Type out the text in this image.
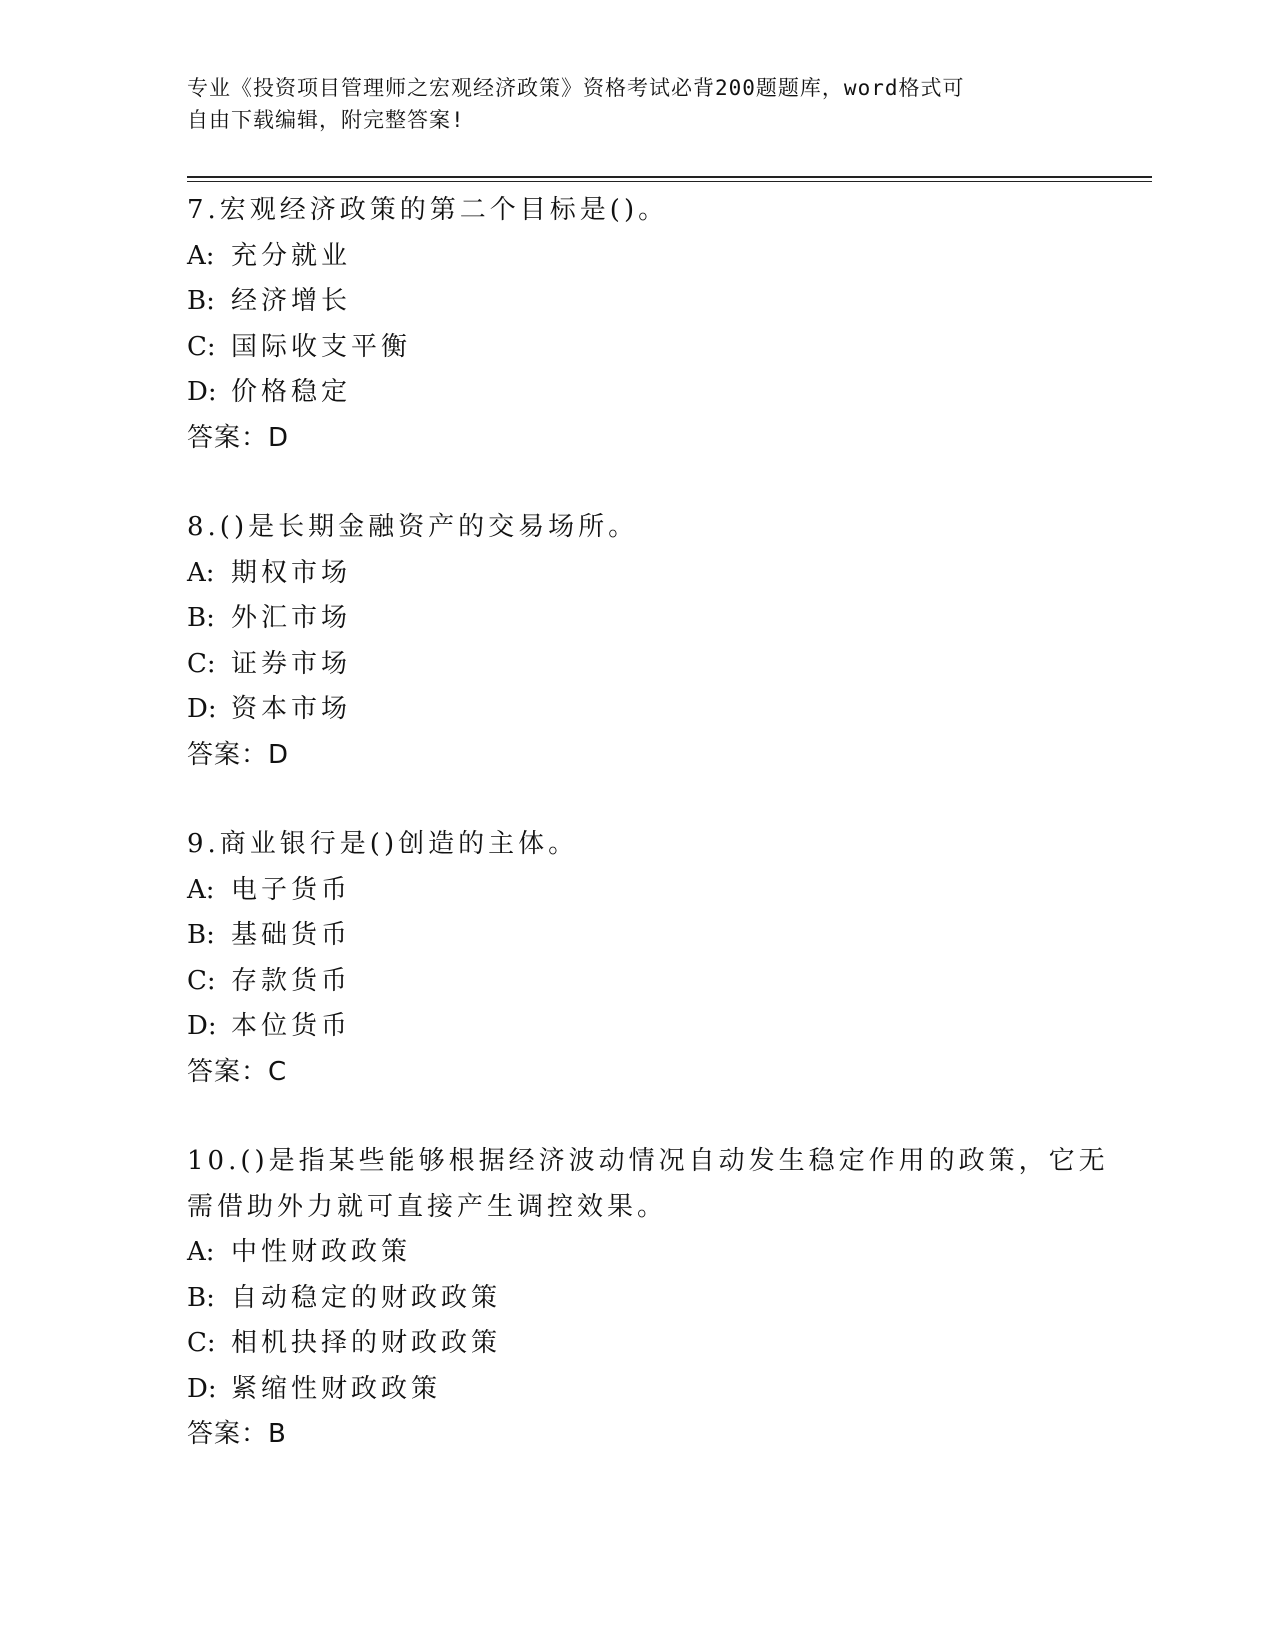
专业《投资项目管理师之宏观经济政策》资格考试必背200题题库，word格式可
自由下载编辑，附完整答案!
7.宏观经济政策的第二个目标是()。
A: 充分就业
B: 经济增长
C: 国际收支平衡
D: 价格稳定
答案：D
8.()是长期金融资产的交易场所。
A: 期权市场
B: 外汇市场
C: 证券市场
D: 资本市场
答案：D
9.商业银行是()创造的主体。
A: 电子货币
B: 基础货币
C: 存款货币
D: 本位货币
答案：C
10.()是指某些能够根据经济波动情况自动发生稳定作用的政策，它无
需借助外力就可直接产生调控效果。
A: 中性财政政策
B: 自动稳定的财政政策
C: 相机抉择的财政政策
D: 紧缩性财政政策
答案：B
